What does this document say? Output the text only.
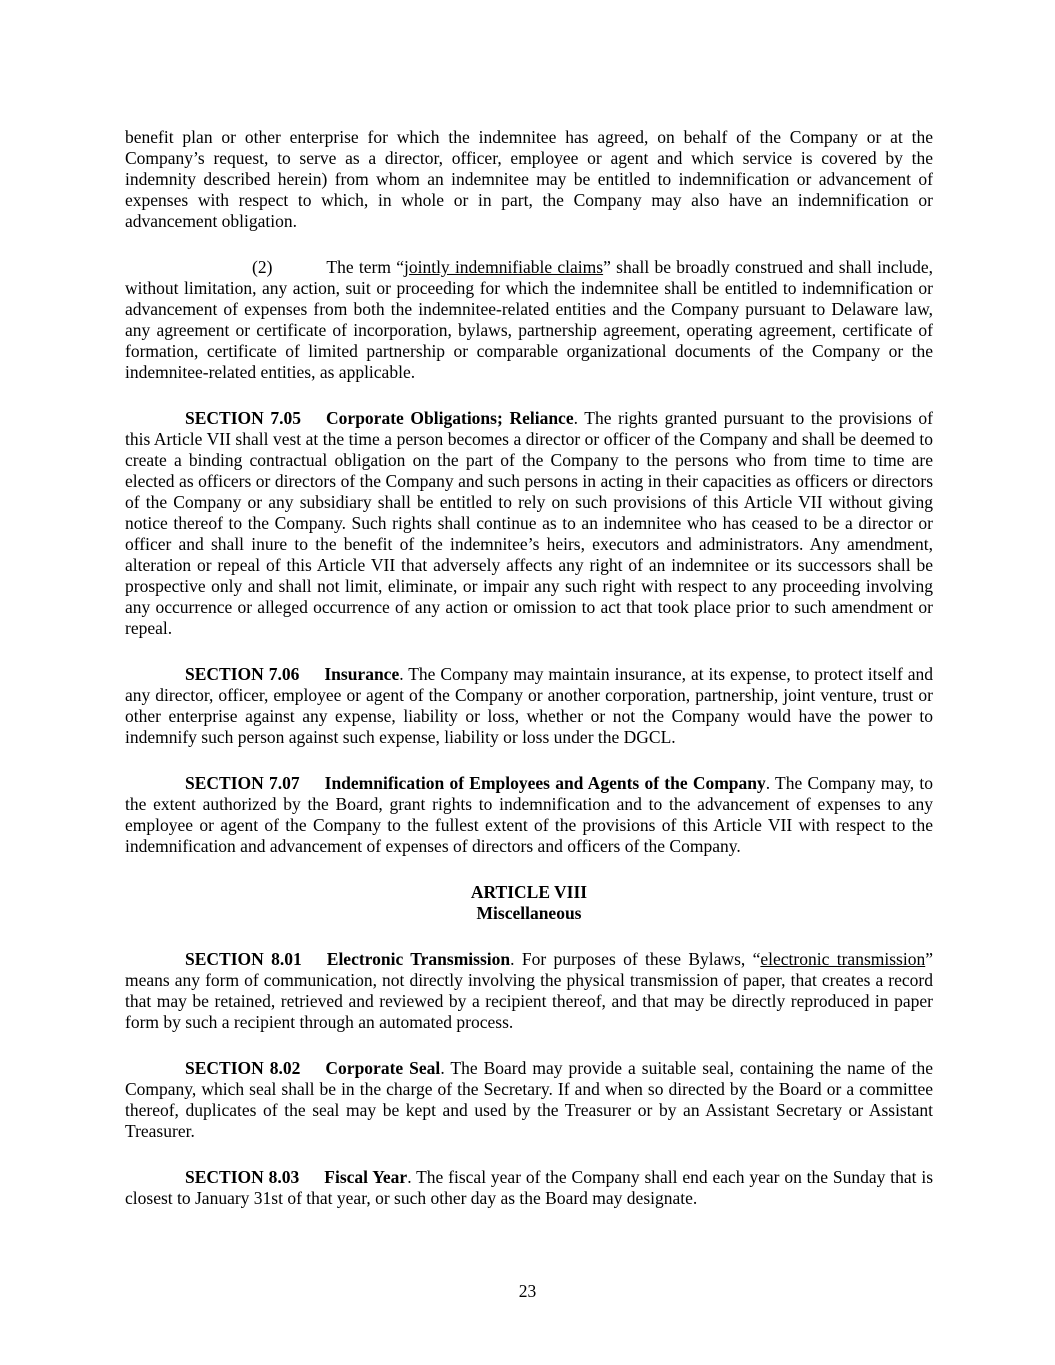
benefit plan or other enterprise for which the indemnitee has agreed, on behalf of the Company or at the Company’s request, to serve as a director, officer, employee or agent and which service is covered by the indemnity described herein) from whom an indemnitee may be entitled to indemnification or advancement of expenses with respect to which, in whole or in part, the Company may also have an indemnification or advancement obligation.

(2)	The term “jointly indemnifiable claims” shall be broadly construed and shall include, without limitation, any action, suit or proceeding for which the indemnitee shall be entitled to indemnification or advancement of expenses from both the indemnitee-related entities and the Company pursuant to Delaware law, any agreement or certificate of incorporation, bylaws, partnership agreement, operating agreement, certificate of formation, certificate of limited partnership or comparable organizational documents of the Company or the indemnitee-related entities, as applicable.

SECTION 7.05 Corporate Obligations; Reliance. The rights granted pursuant to the provisions of this Article VII shall vest at the time a person becomes a director or officer of the Company and shall be deemed to create a binding contractual obligation on the part of the Company to the persons who from time to time are elected as officers or directors of the Company and such persons in acting in their capacities as officers or directors of the Company or any subsidiary shall be entitled to rely on such provisions of this Article VII without giving notice thereof to the Company. Such rights shall continue as to an indemnitee who has ceased to be a director or officer and shall inure to the benefit of the indemnitee’s heirs, executors and administrators. Any amendment, alteration or repeal of this Article VII that adversely affects any right of an indemnitee or its successors shall be prospective only and shall not limit, eliminate, or impair any such right with respect to any proceeding involving any occurrence or alleged occurrence of any action or omission to act that took place prior to such amendment or repeal.

SECTION 7.06 Insurance. The Company may maintain insurance, at its expense, to protect itself and any director, officer, employee or agent of the Company or another corporation, partnership, joint venture, trust or other enterprise against any expense, liability or loss, whether or not the Company would have the power to indemnify such person against such expense, liability or loss under the DGCL.

SECTION 7.07 Indemnification of Employees and Agents of the Company. The Company may, to the extent authorized by the Board, grant rights to indemnification and to the advancement of expenses to any employee or agent of the Company to the fullest extent of the provisions of this Article VII with respect to the indemnification and advancement of expenses of directors and officers of the Company.

ARTICLE VIII

Miscellaneous

SECTION 8.01 Electronic Transmission. For purposes of these Bylaws, “electronic transmission” means any form of communication, not directly involving the physical transmission of paper, that creates a record that may be retained, retrieved and reviewed by a recipient thereof, and that may be directly reproduced in paper form by such a recipient through an automated process.

SECTION 8.02 Corporate Seal. The Board may provide a suitable seal, containing the name of the Company, which seal shall be in the charge of the Secretary. If and when so directed by the Board or a committee thereof, duplicates of the seal may be kept and used by the Treasurer or by an Assistant Secretary or Assistant Treasurer.

SECTION 8.03 Fiscal Year. The fiscal year of the Company shall end each year on the Sunday that is closest to January 31st of that year, or such other day as the Board may designate.

23
